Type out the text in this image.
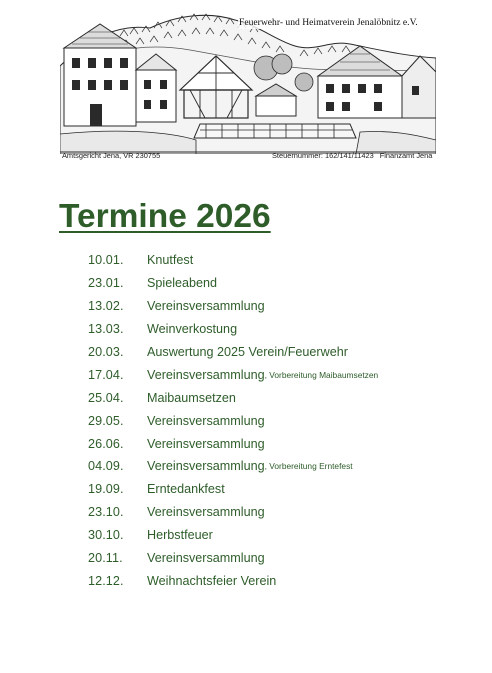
Feuerwehr- und Heimatverein Jenalöbnitz e.V.
Amtsgericht Jena, VR 230755	Steuernummer: 162/141/11423 Finanzamt Jena
Termine 2026
10.01.	Knutfest
23.01.	Spieleabend
13.02.	Vereinsversammlung
13.03.	Weinverkostung
20.03.	Auswertung 2025 Verein/Feuerwehr
17.04.	Vereinsversammlung , Vorbereitung Maibaumsetzen
25.04.	Maibaumsetzen
29.05.	Vereinsversammlung
26.06.	Vereinsversammlung
04.09.	Vereinsversammlung , Vorbereitung Erntefest
19.09.	Erntedankfest
23.10.	Vereinsversammlung
30.10.	Herbstfeuer
20.11.	Vereinsversammlung
12.12.	Weihnachtsfeier Verein
